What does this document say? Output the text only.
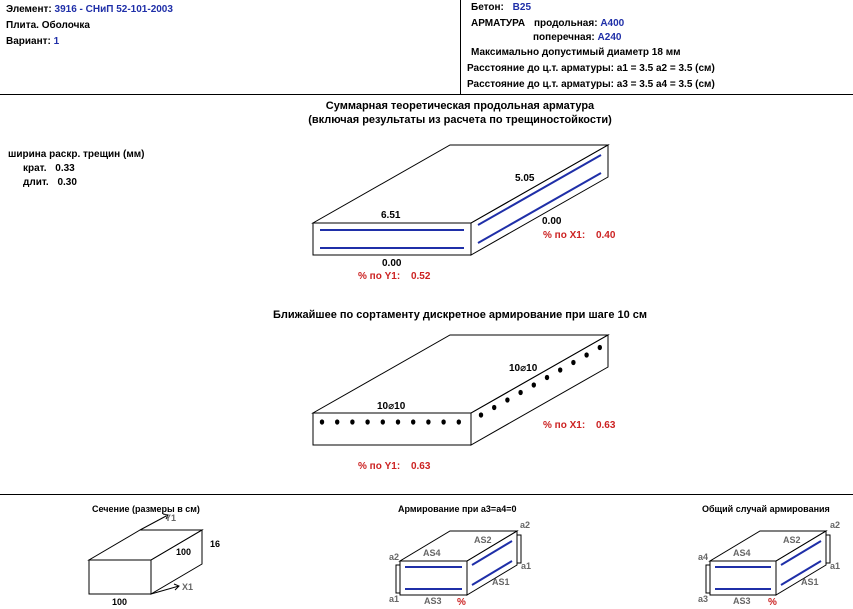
Элемент: 3916 - СНиП 52-101-2003
Плита. Оболочка
Вариант: 1
Бетон: B25
АРМАТУРА продольная: A400
поперечная: A240
Максимально допустимый диаметр 18 мм
Расстояние до ц.т. арматуры: a1 = 3.5 a2 = 3.5 (см)
Расстояние до ц.т. арматуры: a3 = 3.5 a4 = 3.5 (см)
Суммарная теоретическая продольная арматура
(включая результаты из расчета по трещиностойкости)
ширина раскр. трещин (мм)
крат. 0.33
длит. 0.30
6.51
0.00
5.05
0.00
% по Y1: 0.52
% по X1: 0.40
Ближайшее по сортаменту дискретное армирование при шаге 10 см
10⌀10
10⌀10
% по Y1: 0.63
% по X1: 0.63
Сечение (размеры в см)
Y1
X1
100
16
100
Армирование при a3=a4=0
a2
a1
a2
a1
AS4
AS2
AS1
AS3 %
Общий случай армирования
a4
a3
a2
a1
AS4
AS2
AS1
AS3 %
